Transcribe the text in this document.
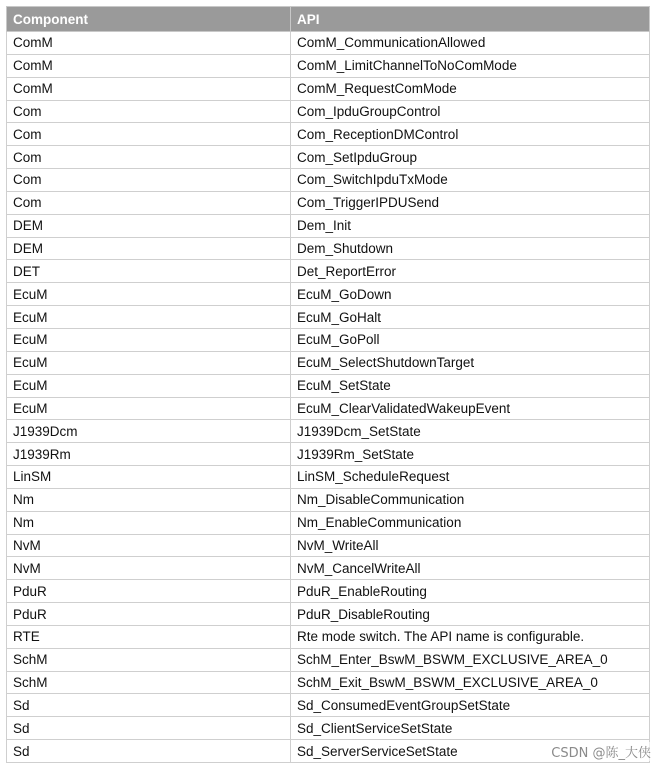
Component	API
ComM	ComM_CommunicationAllowed
ComM	ComM_LimitChannelToNoComMode
ComM	ComM_RequestComMode
Com	Com_IpduGroupControl
Com	Com_ReceptionDMControl
Com	Com_SetIpduGroup
Com	Com_SwitchIpduTxMode
Com	Com_TriggerIPDUSend
DEM	Dem_Init
DEM	Dem_Shutdown
DET	Det_ReportError
EcuM	EcuM_GoDown
EcuM	EcuM_GoHalt
EcuM	EcuM_GoPoll
EcuM	EcuM_SelectShutdownTarget
EcuM	EcuM_SetState
EcuM	EcuM_ClearValidatedWakeupEvent
J1939Dcm	J1939Dcm_SetState
J1939Rm	J1939Rm_SetState
LinSM	LinSM_ScheduleRequest
Nm	Nm_DisableCommunication
Nm	Nm_EnableCommunication
NvM	NvM_WriteAll
NvM	NvM_CancelWriteAll
PduR	PduR_EnableRouting
PduR	PduR_DisableRouting
RTE	Rte mode switch. The API name is configurable.
SchM	SchM_Enter_BswM_BSWM_EXCLUSIVE_AREA_0
SchM	SchM_Exit_BswM_BSWM_EXCLUSIVE_AREA_0
Sd	Sd_ConsumedEventGroupSetState
Sd	Sd_ClientServiceSetState
Sd	Sd_ServerServiceSetState	CSDN @陈_大侠
